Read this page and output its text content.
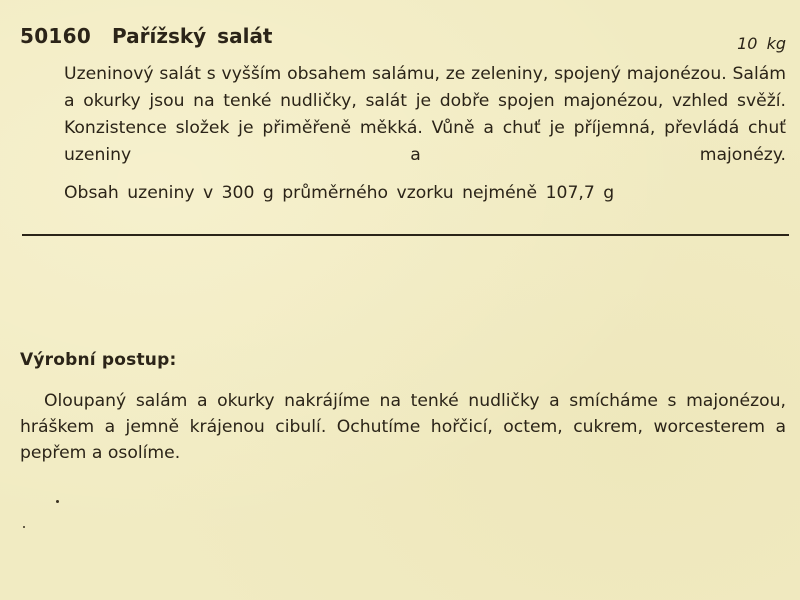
50160 Pařížský salát	10 kg
Uzeninový salát s vyšším obsahem salámu, ze zeleniny, spojený majonézou. Salám a okurky jsou na tenké nudličky, salát je dobře spojen majonézou, vzhled svěží. Konzistence složek je přiměřeně měkká. Vůně a chuť je příjemná, převládá chuť uzeniny a majonézy.
Obsah uzeniny v 300 g průměrného vzorku nejméně 107,7 g
Výrobní postup:
Oloupaný salám a okurky nakrájíme na tenké nudličky a smícháme s majonézou, hráškem a jemně krájenou cibulí. Ochutíme hořčicí, octem, cukrem, worcesterem a pepřem a osolíme.
